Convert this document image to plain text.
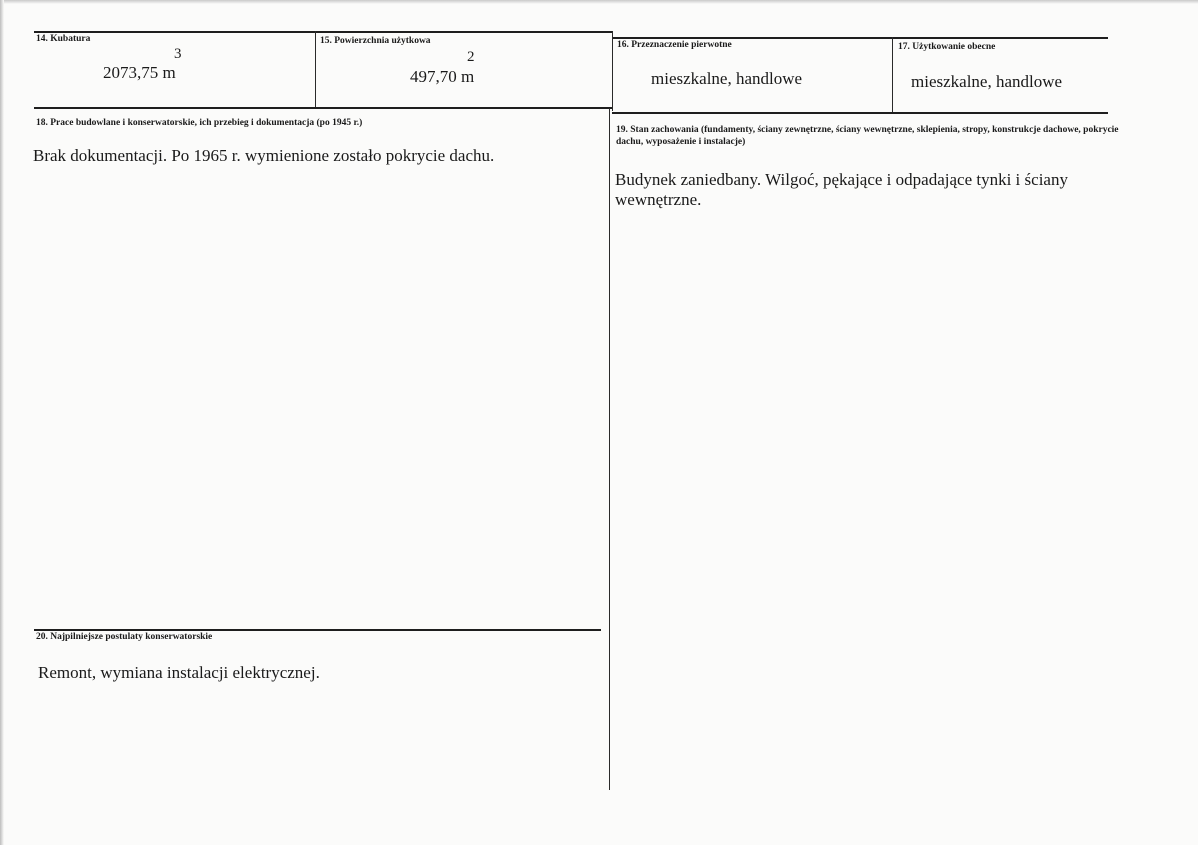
14. Kubatura
3
2073,75 m
15. Powierzchnia użytkowa
2
497,70 m
16. Przeznaczenie pierwotne
mieszkalne, handlowe
17. Użytkowanie obecne
mieszkalne, handlowe
18. Prace budowlane i konserwatorskie, ich przebieg i dokumentacja (po 1945 r.)
Brak dokumentacji. Po 1965 r. wymienione zostało pokrycie dachu.
19. Stan zachowania (fundamenty, ściany zewnętrzne, ściany wewnętrzne, sklepienia, stropy, konstrukcje dachowe, pokrycie dachu, wyposażenie i instalacje)
Budynek zaniedbany. Wilgoć, pękające i odpadające tynki i ściany wewnętrzne.
20. Najpilniejsze postulaty konserwatorskie
Remont, wymiana instalacji elektrycznej.
